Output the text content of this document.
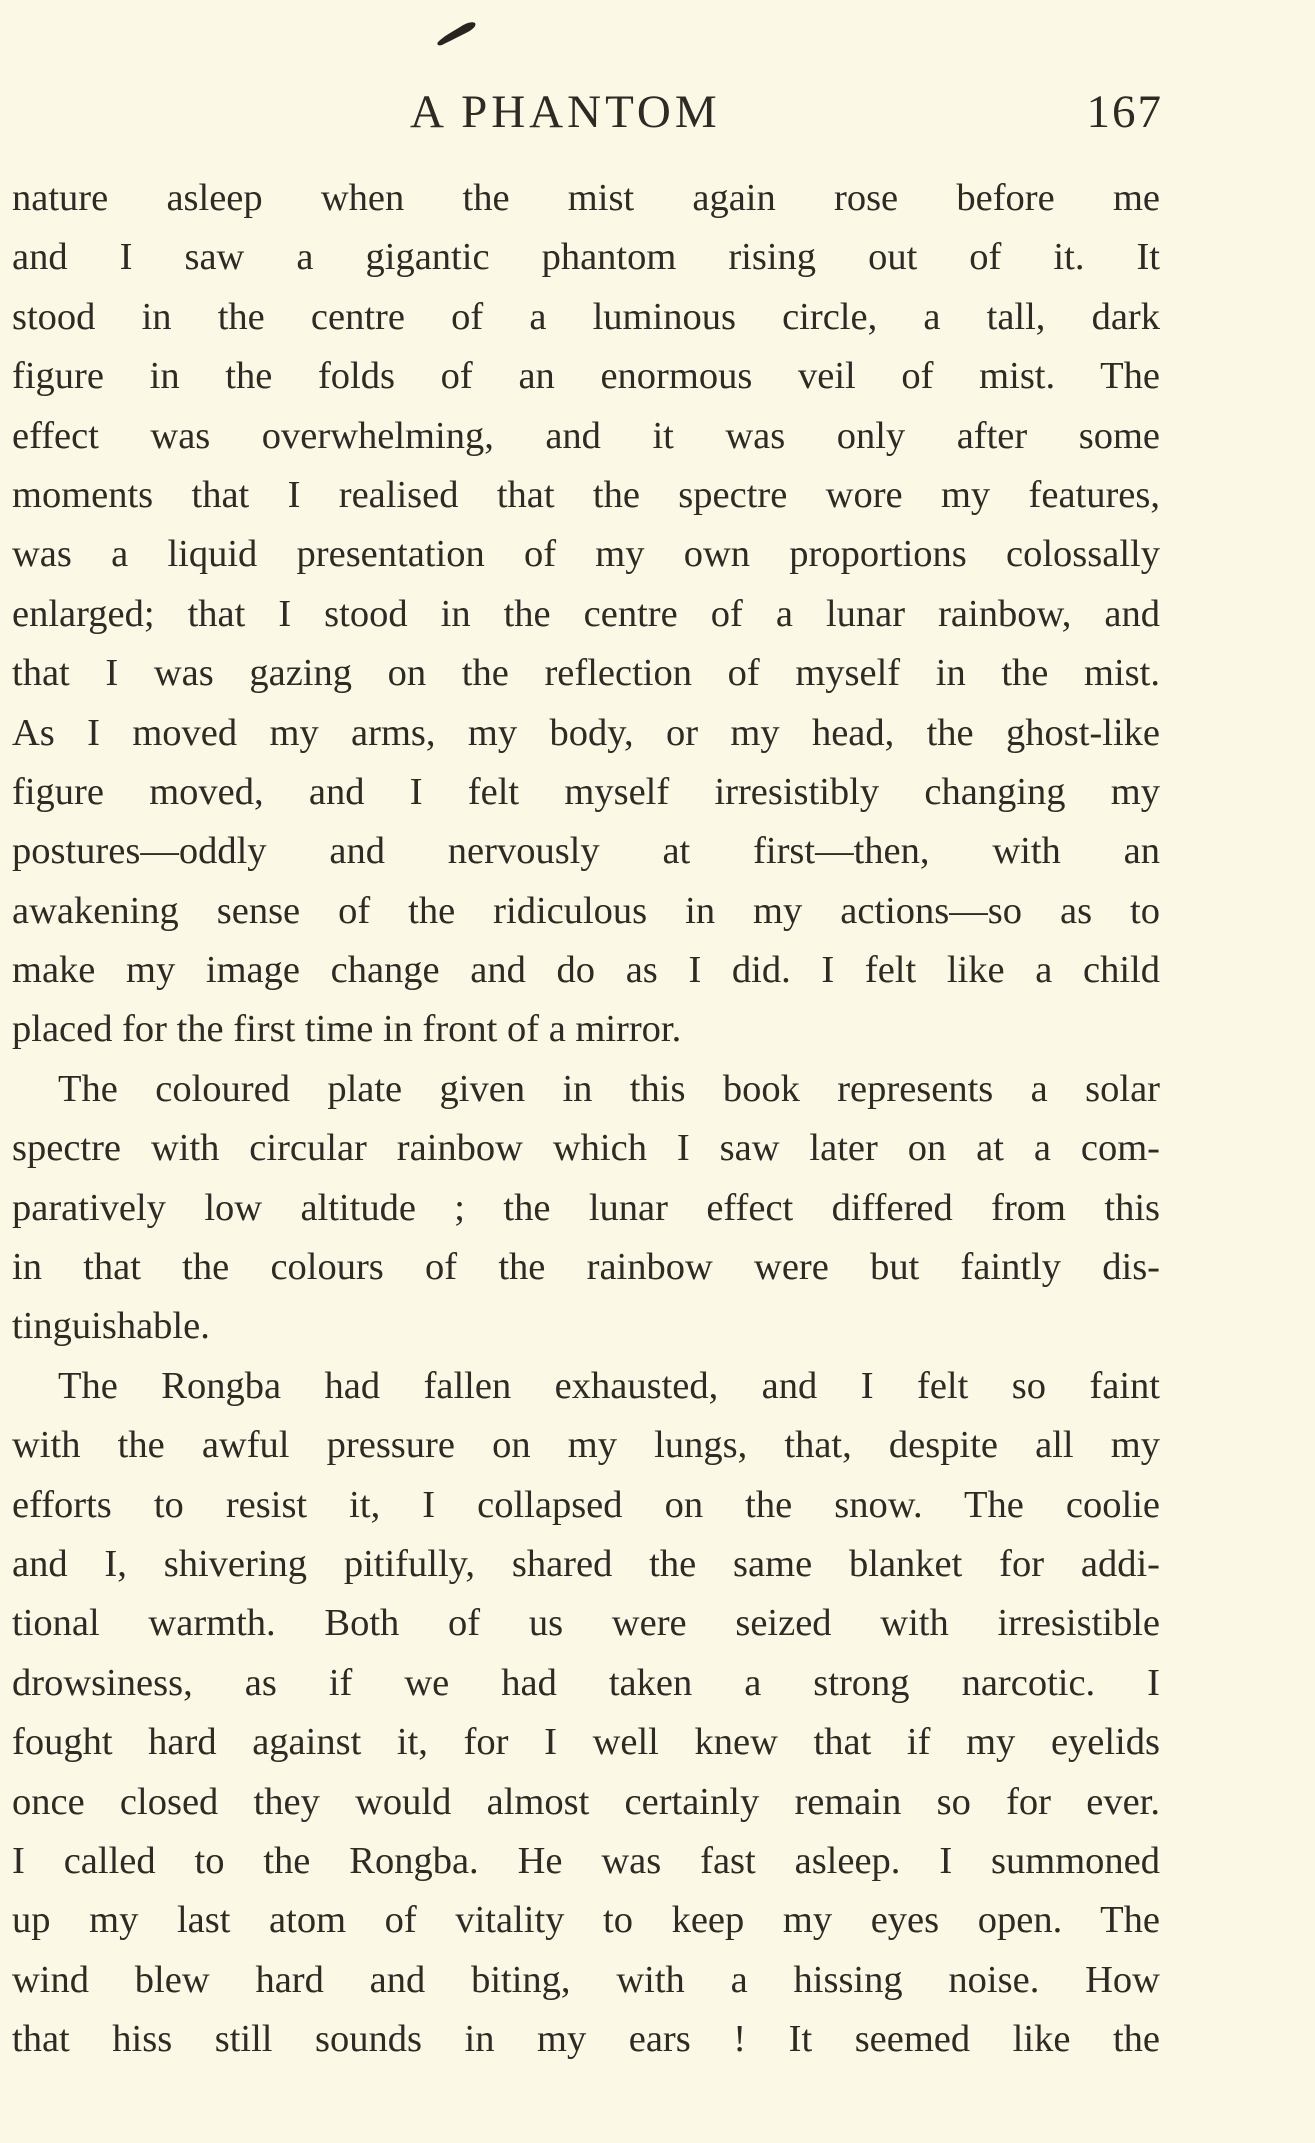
A PHANTOM	167
nature asleep when the mist again rose before me
and I saw a gigantic phantom rising out of it. It
stood in the centre of a luminous circle, a tall, dark
figure in the folds of an enormous veil of mist. The
effect was overwhelming, and it was only after some
moments that I realised that the spectre wore my features,
was a liquid presentation of my own proportions colossally
enlarged; that I stood in the centre of a lunar rainbow, and
that I was gazing on the reflection of myself in the mist.
As I moved my arms, my body, or my head, the ghost-like
figure moved, and I felt myself irresistibly changing my
postures—oddly and nervously at first—then, with an
awakening sense of the ridiculous in my actions—so as to
make my image change and do as I did. I felt like a child
placed for the first time in front of a mirror.
The coloured plate given in this book represents a solar
spectre with circular rainbow which I saw later on at a com-
paratively low altitude ; the lunar effect differed from this
in that the colours of the rainbow were but faintly dis-
tinguishable.
The Rongba had fallen exhausted, and I felt so faint
with the awful pressure on my lungs, that, despite all my
efforts to resist it, I collapsed on the snow. The coolie
and I, shivering pitifully, shared the same blanket for addi-
tional warmth. Both of us were seized with irresistible
drowsiness, as if we had taken a strong narcotic. I
fought hard against it, for I well knew that if my eyelids
once closed they would almost certainly remain so for ever.
I called to the Rongba. He was fast asleep. I summoned
up my last atom of vitality to keep my eyes open. The
wind blew hard and biting, with a hissing noise. How
that hiss still sounds in my ears ! It seemed like the
